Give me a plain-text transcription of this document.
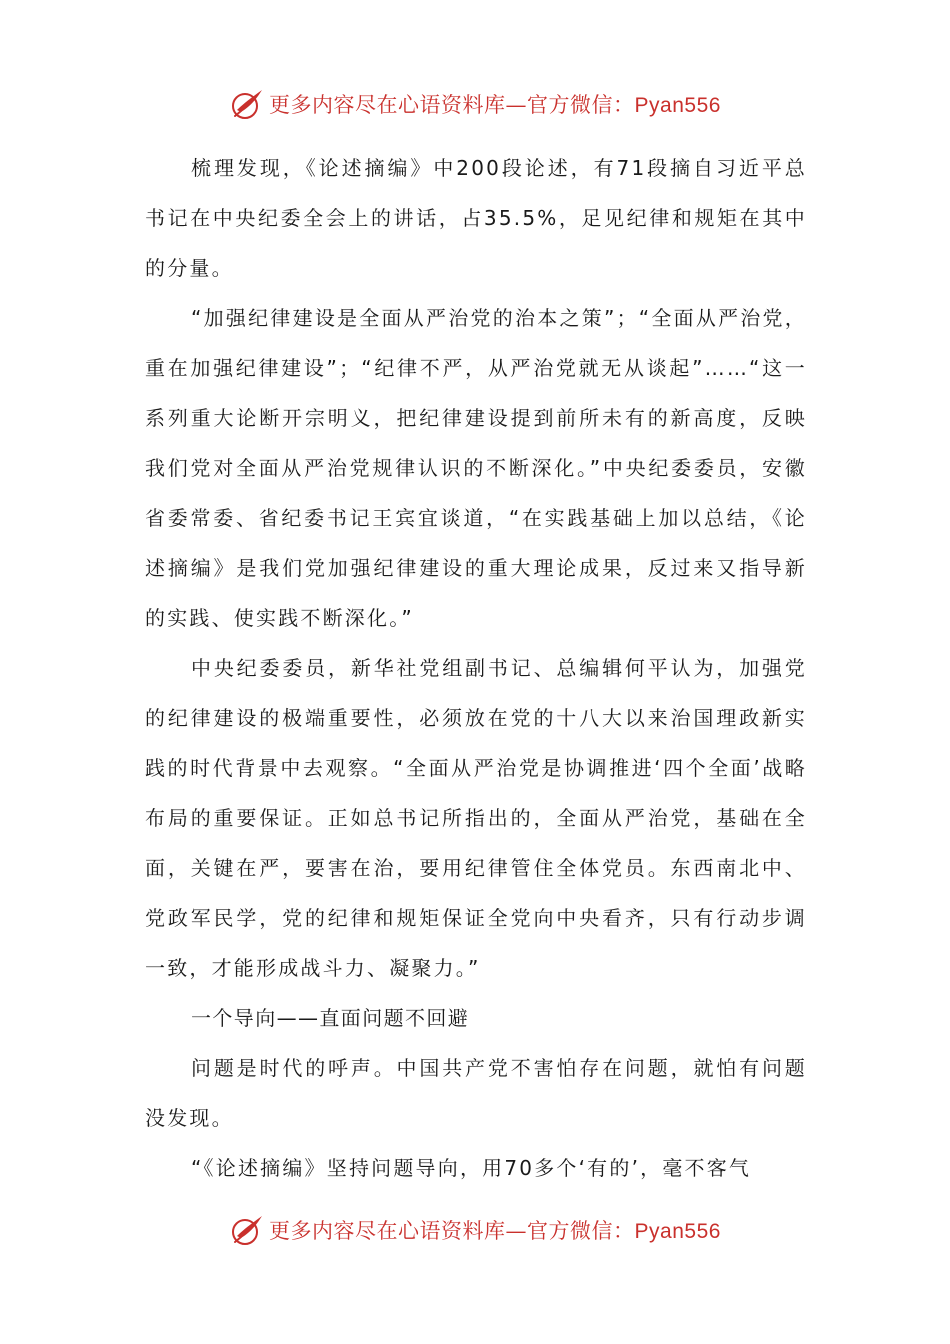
更多内容尽在心语资料库—官方微信：Pyan556

梳理发现，《论述摘编》中200段论述，有71段摘自习近平总书记在中央纪委全会上的讲话，占35.5%，足见纪律和规矩在其中的分量。

“加强纪律建设是全面从严治党的治本之策”；“全面从严治党，重在加强纪律建设”；“纪律不严，从严治党就无从谈起”……“这一系列重大论断开宗明义，把纪律建设提到前所未有的新高度，反映我们党对全面从严治党规律认识的不断深化。”中央纪委委员，安徽省委常委、省纪委书记王宾宜谈道，“在实践基础上加以总结，《论述摘编》是我们党加强纪律建设的重大理论成果，反过来又指导新的实践、使实践不断深化。”

中央纪委委员，新华社党组副书记、总编辑何平认为，加强党的纪律建设的极端重要性，必须放在党的十八大以来治国理政新实践的时代背景中去观察。“全面从严治党是协调推进‘四个全面’战略布局的重要保证。正如总书记所指出的，全面从严治党，基础在全面，关键在严，要害在治，要用纪律管住全体党员。东西南北中、党政军民学，党的纪律和规矩保证全党向中央看齐，只有行动步调一致，才能形成战斗力、凝聚力。”

一个导向——直面问题不回避

问题是时代的呼声。中国共产党不害怕存在问题，就怕有问题没发现。

“《论述摘编》坚持问题导向，用70多个‘有的’，毫不客气

更多内容尽在心语资料库—官方微信：Pyan556
